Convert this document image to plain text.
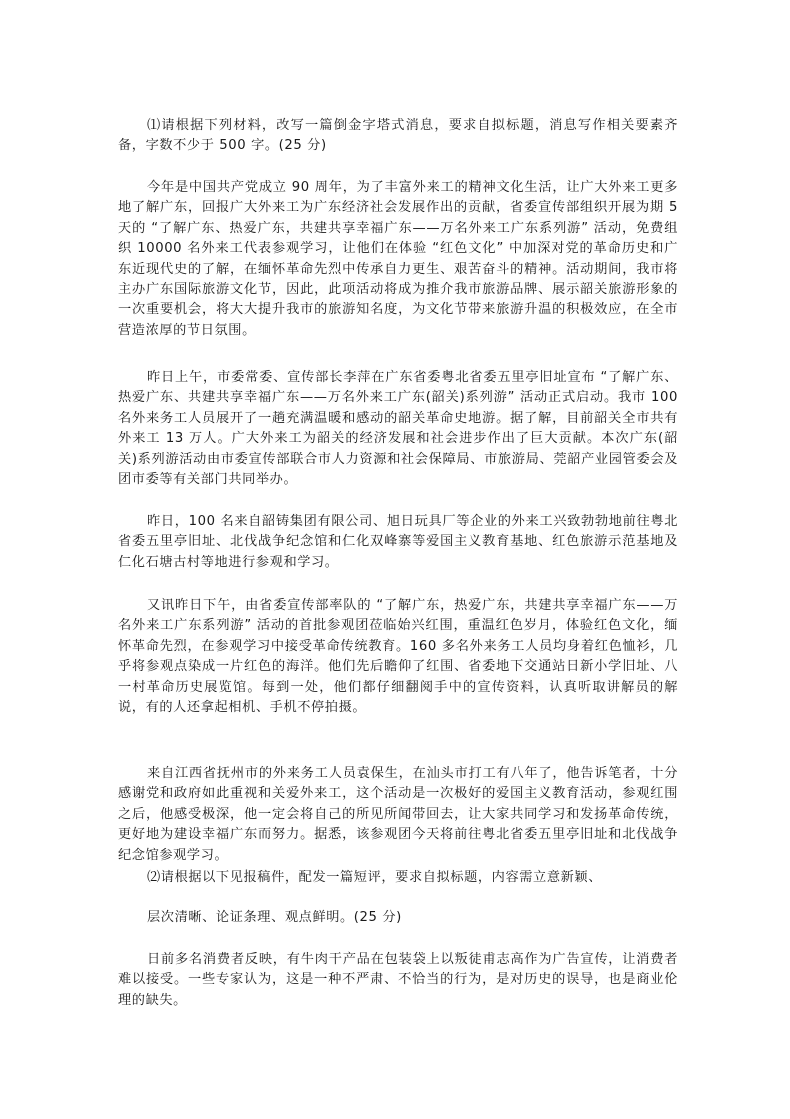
⑴请根据下列材料，改写一篇倒金字塔式消息，要求自拟标题，消息写作相关要素齐备，字数不少于 500 字。(25 分)

今年是中国共产党成立 90 周年，为了丰富外来工的精神文化生活，让广大外来工更多地了解广东，回报广大外来工为广东经济社会发展作出的贡献，省委宣传部组织开展为期 5 天的 “了解广东、热爱广东，共建共享幸福广东——万名外来工广东系列游” 活动，免费组织 10000 名外来工代表参观学习，让他们在体验 “红色文化” 中加深对党的革命历史和广东近现代史的了解，在缅怀革命先烈中传承自力更生、艰苦奋斗的精神。活动期间，我市将主办广东国际旅游文化节，因此，此项活动将成为推介我市旅游品牌、展示韶关旅游形象的一次重要机会，将大大提升我市的旅游知名度，为文化节带来旅游升温的积极效应，在全市营造浓厚的节日氛围。

昨日上午，市委常委、宣传部长李萍在广东省委粤北省委五里亭旧址宣布 “了解广东、热爱广东、共建共享幸福广东——万名外来工广东(韶关)系列游” 活动正式启动。我市 100 名外来务工人员展开了一趟充满温暖和感动的韶关革命史地游。据了解，目前韶关全市共有外来工 13 万人。广大外来工为韶关的经济发展和社会进步作出了巨大贡献。本次广东(韶关)系列游活动由市委宣传部联合市人力资源和社会保障局、市旅游局、莞韶产业园管委会及团市委等有关部门共同举办。

昨日，100 名来自韶铸集团有限公司、旭日玩具厂等企业的外来工兴致勃勃地前往粤北省委五里亭旧址、北伐战争纪念馆和仁化双峰寨等爱国主义教育基地、红色旅游示范基地及仁化石塘古村等地进行参观和学习。

又讯昨日下午，由省委宣传部率队的 “了解广东，热爱广东，共建共享幸福广东——万名外来工广东系列游” 活动的首批参观团莅临始兴红围，重温红色岁月，体验红色文化，缅怀革命先烈，在参观学习中接受革命传统教育。160 多名外来务工人员均身着红色恤衫，几乎将参观点染成一片红色的海洋。他们先后瞻仰了红围、省委地下交通站日新小学旧址、八一村革命历史展览馆。每到一处，他们都仔细翻阅手中的宣传资料，认真听取讲解员的解说，有的人还拿起相机、手机不停拍摄。

来自江西省抚州市的外来务工人员袁保生，在汕头市打工有八年了，他告诉笔者，十分感谢党和政府如此重视和关爱外来工，这个活动是一次极好的爱国主义教育活动，参观红围之后，他感受极深，他一定会将自己的所见所闻带回去，让大家共同学习和发扬革命传统，更好地为建设幸福广东而努力。据悉，该参观团今天将前往粤北省委五里亭旧址和北伐战争纪念馆参观学习。

⑵请根据以下见报稿件，配发一篇短评，要求自拟标题，内容需立意新颖、

层次清晰、论证条理、观点鲜明。(25 分)

日前多名消费者反映，有牛肉干产品在包装袋上以叛徒甫志高作为广告宣传，让消费者难以接受。一些专家认为，这是一种不严肃、不恰当的行为，是对历史的误导，也是商业伦理的缺失。
